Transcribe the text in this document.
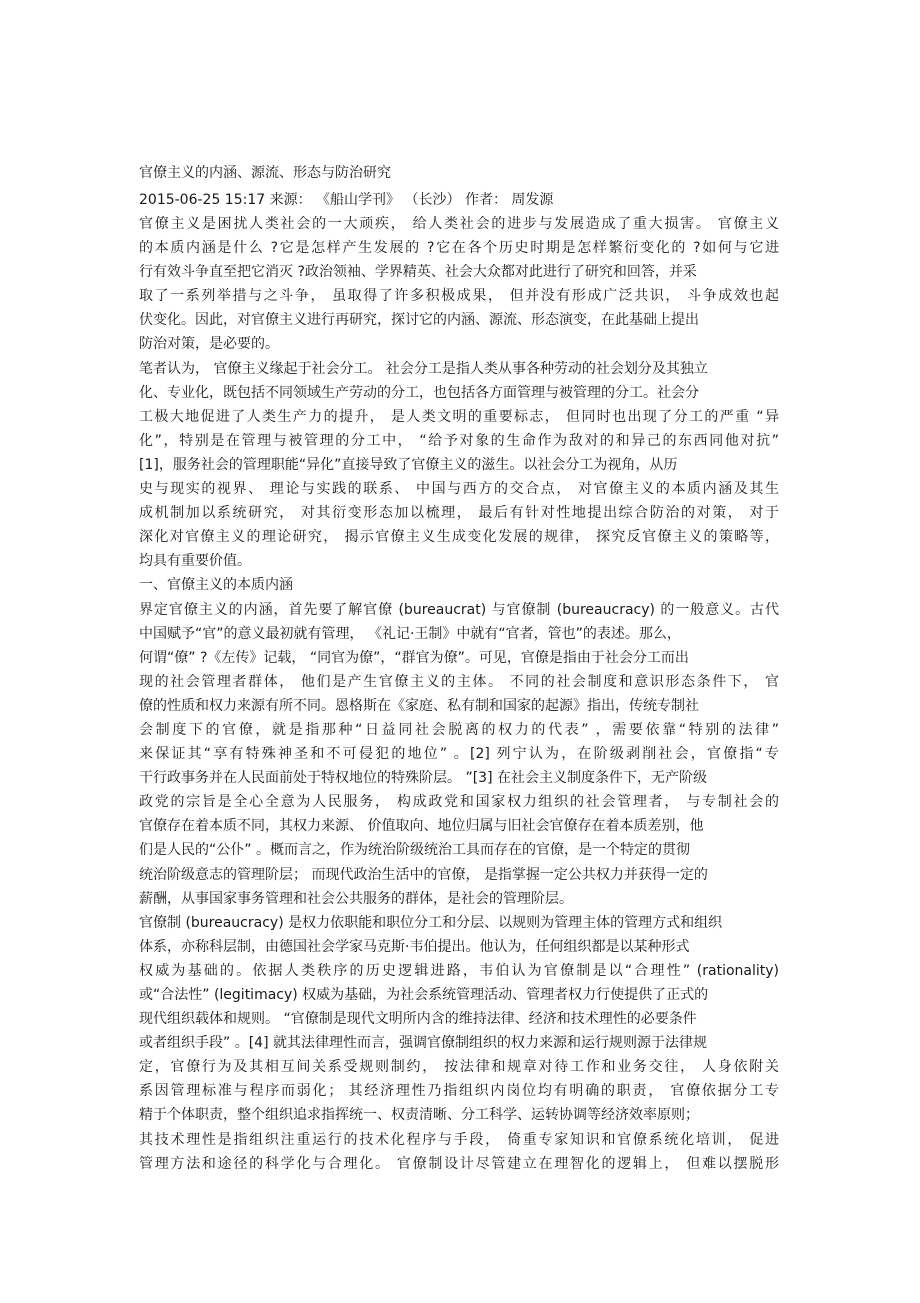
官僚主义的内涵、源流、形态与防治研究
2015-06-25 15:17 来源： 《船山学刊》 （长沙） 作者： 周发源
官僚主义是困扰人类社会的一大顽疾， 给人类社会的进步与发展造成了重大损害。 官僚主义
的本质内涵是什么 ?它是怎样产生发展的 ?它在各个历史时期是怎样繁衍变化的 ?如何与它进
行有效斗争直至把它消灭 ?政治领袖、学界精英、社会大众都对此进行了研究和回答，并采
取了一系列举措与之斗争， 虽取得了许多积极成果， 但并没有形成广泛共识， 斗争成效也起
伏变化。因此，对官僚主义进行再研究，探讨它的内涵、源流、形态演变，在此基础上提出
防治对策，是必要的。
笔者认为， 官僚主义缘起于社会分工。 社会分工是指人类从事各种劳动的社会划分及其独立
化、专业化，既包括不同领域生产劳动的分工，也包括各方面管理与被管理的分工。社会分
工极大地促进了人类生产力的提升， 是人类文明的重要标志， 但同时也出现了分工的严重 “异
化”，特别是在管理与被管理的分工中， “给予对象的生命作为敌对的和异己的东西同他对抗”
[1]，服务社会的管理职能“异化”直接导致了官僚主义的滋生。以社会分工为视角，从历
史与现实的视界、 理论与实践的联系、 中国与西方的交合点， 对官僚主义的本质内涵及其生
成机制加以系统研究， 对其衍变形态加以梳理， 最后有针对性地提出综合防治的对策， 对于
深化对官僚主义的理论研究， 揭示官僚主义生成变化发展的规律， 探究反官僚主义的策略等，
均具有重要价值。
一、官僚主义的本质内涵
界定官僚主义的内涵，首先要了解官僚 (bureaucrat) 与官僚制 (bureaucracy) 的一般意义。古代
中国赋予“官”的意义最初就有管理， 《礼记·王制》中就有“官者，管也”的表述。那么，
何谓“僚” ?《左传》记载， “同官为僚”，“群官为僚”。可见，官僚是指由于社会分工而出
现的社会管理者群体， 他们是产生官僚主义的主体。 不同的社会制度和意识形态条件下， 官
僚的性质和权力来源有所不同。恩格斯在《家庭、私有制和国家的起源》指出，传统专制社
会制度下的官僚，就是指那种“日益同社会脱离的权力的代表” ，需要依靠“特别的法律”
来保证其“享有特殊神圣和不可侵犯的地位” 。[2] 列宁认为，在阶级剥削社会，官僚指“专
干行政事务并在人民面前处于特权地位的特殊阶层。 ”[3] 在社会主义制度条件下，无产阶级
政党的宗旨是全心全意为人民服务， 构成政党和国家权力组织的社会管理者， 与专制社会的
官僚存在着本质不同，其权力来源、 价值取向、地位归属与旧社会官僚存在着本质差别，他
们是人民的“公仆” 。概而言之，作为统治阶级统治工具而存在的官僚，是一个特定的贯彻
统治阶级意志的管理阶层； 而现代政治生活中的官僚， 是指掌握一定公共权力并获得一定的
薪酬，从事国家事务管理和社会公共服务的群体，是社会的管理阶层。
官僚制 (bureaucracy) 是权力依职能和职位分工和分层、以规则为管理主体的管理方式和组织
体系，亦称科层制，由德国社会学家马克斯·韦伯提出。他认为，任何组织都是以某种形式
权威为基础的。依据人类秩序的历史逻辑进路，韦伯认为官僚制是以“合理性” (rationality)
或“合法性” (legitimacy) 权威为基础，为社会系统管理活动、管理者权力行使提供了正式的
现代组织载体和规则。 “官僚制是现代文明所内含的维持法律、经济和技术理性的必要条件
或者组织手段” 。[4] 就其法律理性而言，强调官僚制组织的权力来源和运行规则源于法律规
定，官僚行为及其相互间关系受规则制约， 按法律和规章对待工作和业务交往， 人身依附关
系因管理标准与程序而弱化； 其经济理性乃指组织内岗位均有明确的职责， 官僚依据分工专
精于个体职责，整个组织追求指挥统一、权责清晰、分工科学、运转协调等经济效率原则；
其技术理性是指组织注重运行的技术化程序与手段， 倚重专家知识和官僚系统化培训， 促进
管理方法和途径的科学化与合理化。 官僚制设计尽管建立在理智化的逻辑上， 但难以摆脱形
